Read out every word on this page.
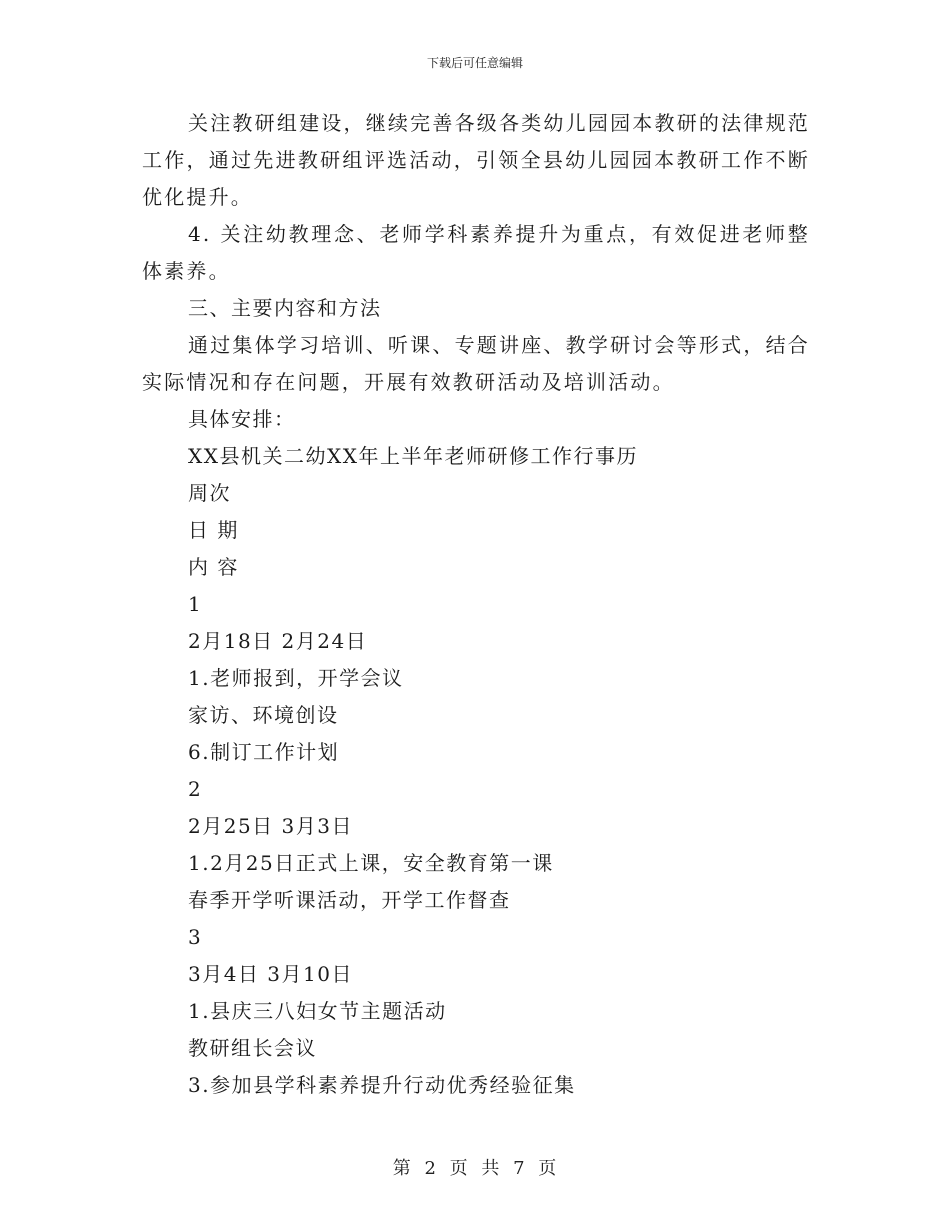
下载后可任意编辑

关注教研组建设，继续完善各级各类幼儿园园本教研的法律规范工作，通过先进教研组评选活动，引领全县幼儿园园本教研工作不断优化提升。

4. 关注幼教理念、老师学科素养提升为重点，有效促进老师整体素养。

三、主要内容和方法

通过集体学习培训、听课、专题讲座、教学研讨会等形式，结合实际情况和存在问题，开展有效教研活动及培训活动。

具体安排：

XX县机关二幼XX年上半年老师研修工作行事历

周次

日 期

内 容

1

2月18日 2月24日

1.老师报到，开学会议

家访、环境创设

6.制订工作计划

2

2月25日 3月3日

1.2月25日正式上课，安全教育第一课

春季开学听课活动，开学工作督查

3

3月4日 3月10日

1.县庆三八妇女节主题活动

教研组长会议

3.参加县学科素养提升行动优秀经验征集

第 2 页 共 7 页
